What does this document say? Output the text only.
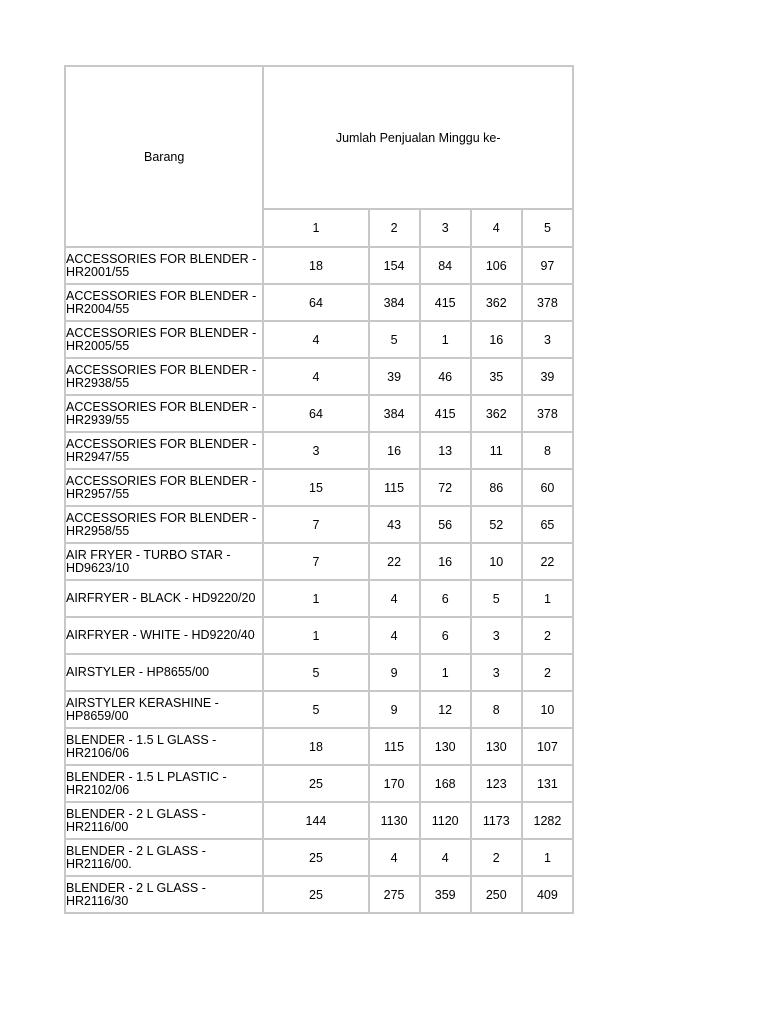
Barang	Jumlah Penjualan Minggu ke-				
	1	2	3	4	5
ACCESSORIES FOR BLENDER - HR2001/55	18	154	84	106	97
ACCESSORIES FOR BLENDER - HR2004/55	64	384	415	362	378
ACCESSORIES FOR BLENDER - HR2005/55	4	5	1	16	3
ACCESSORIES FOR BLENDER - HR2938/55	4	39	46	35	39
ACCESSORIES FOR BLENDER - HR2939/55	64	384	415	362	378
ACCESSORIES FOR BLENDER - HR2947/55	3	16	13	11	8
ACCESSORIES FOR BLENDER - HR2957/55	15	115	72	86	60
ACCESSORIES FOR BLENDER - HR2958/55	7	43	56	52	65
AIR FRYER - TURBO STAR - HD9623/10	7	22	16	10	22
AIRFRYER - BLACK - HD9220/20	1	4	6	5	1
AIRFRYER - WHITE - HD9220/40	1	4	6	3	2
AIRSTYLER - HP8655/00	5	9	1	3	2
AIRSTYLER KERASHINE - HP8659/00	5	9	12	8	10
BLENDER - 1.5 L GLASS - HR2106/06	18	115	130	130	107
BLENDER - 1.5 L PLASTIC - HR2102/06	25	170	168	123	131
BLENDER - 2 L GLASS - HR2116/00	144	1130	1120	1173	1282
BLENDER - 2 L GLASS - HR2116/00.	25	4	4	2	1
BLENDER - 2 L GLASS - HR2116/30	25	275	359	250	409
